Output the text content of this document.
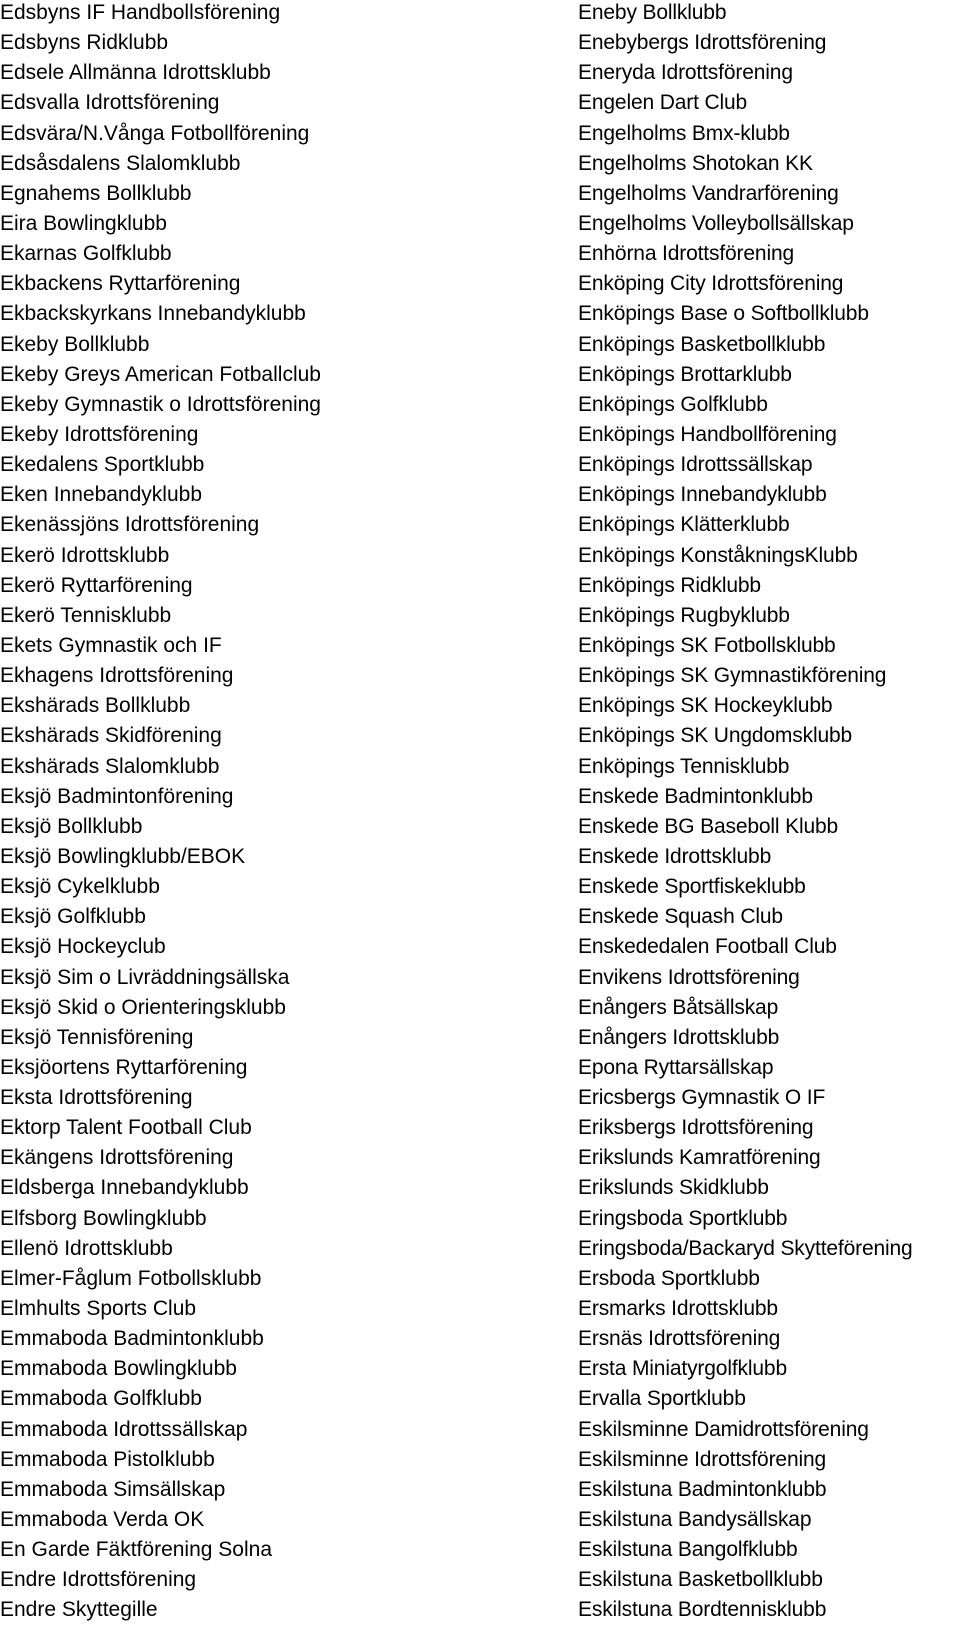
Edsbyns IF Handbollsförening
Edsbyns Ridklubb
Edsele Allmänna Idrottsklubb
Edsvalla Idrottsförening
Edsvära/N.Vånga Fotbollförening
Edsåsdalens Slalomklubb
Egnahems Bollklubb
Eira Bowlingklubb
Ekarnas Golfklubb
Ekbackens Ryttarförening
Ekbackskyrkans Innebandyklubb
Ekeby Bollklubb
Ekeby Greys American Fotballclub
Ekeby Gymnastik o Idrottsförening
Ekeby Idrottsförening
Ekedalens Sportklubb
Eken Innebandyklubb
Ekenässjöns Idrottsförening
Ekerö Idrottsklubb
Ekerö Ryttarförening
Ekerö Tennisklubb
Ekets Gymnastik och IF
Ekhagens Idrottsförening
Ekshärads Bollklubb
Ekshärads Skidförening
Ekshärads Slalomklubb
Eksjö Badmintonförening
Eksjö Bollklubb
Eksjö Bowlingklubb/EBOK
Eksjö Cykelklubb
Eksjö Golfklubb
Eksjö Hockeyclub
Eksjö Sim o Livräddningsällska
Eksjö Skid o Orienteringsklubb
Eksjö Tennisförening
Eksjöortens Ryttarförening
Eksta Idrottsförening
Ektorp Talent Football Club
Ekängens Idrottsförening
Eldsberga Innebandyklubb
Elfsborg Bowlingklubb
Ellenö Idrottsklubb
Elmer-Fåglum Fotbollsklubb
Elmhults Sports Club
Emmaboda Badmintonklubb
Emmaboda Bowlingklubb
Emmaboda Golfklubb
Emmaboda Idrottssällskap
Emmaboda Pistolklubb
Emmaboda Simsällskap
Emmaboda Verda OK
En Garde Fäktförening Solna
Endre Idrottsförening
Endre Skyttegille
Eneby Bollklubb
Enebybergs Idrottsförening
Eneryda Idrottsförening
Engelen Dart Club
Engelholms Bmx-klubb
Engelholms Shotokan KK
Engelholms Vandrarförening
Engelholms Volleybollsällskap
Enhörna Idrottsförening
Enköping City Idrottsförening
Enköpings Base o Softbollklubb
Enköpings Basketbollklubb
Enköpings Brottarklubb
Enköpings Golfklubb
Enköpings Handbollförening
Enköpings Idrottssällskap
Enköpings Innebandyklubb
Enköpings Klätterklubb
Enköpings KonståkningsKlubb
Enköpings Ridklubb
Enköpings Rugbyklubb
Enköpings SK Fotbollsklubb
Enköpings SK Gymnastikförening
Enköpings SK Hockeyklubb
Enköpings SK Ungdomsklubb
Enköpings Tennisklubb
Enskede Badmintonklubb
Enskede BG Baseboll Klubb
Enskede Idrottsklubb
Enskede Sportfiskeklubb
Enskede Squash Club
Enskededalen Football Club
Envikens Idrottsförening
Enångers Båtsällskap
Enångers Idrottsklubb
Epona Ryttarsällskap
Ericsbergs Gymnastik O IF
Eriksbergs Idrottsförening
Erikslunds Kamratförening
Erikslunds Skidklubb
Eringsboda Sportklubb
Eringsboda/Backaryd Skytteförening
Ersboda Sportklubb
Ersmarks Idrottsklubb
Ersnäs Idrottsförening
Ersta Miniatyrgolfklubb
Ervalla Sportklubb
Eskilsminne Damidrottsförening
Eskilsminne Idrottsförening
Eskilstuna Badmintonklubb
Eskilstuna Bandysällskap
Eskilstuna Bangolfklubb
Eskilstuna Basketbollklubb
Eskilstuna Bordtennisklubb
